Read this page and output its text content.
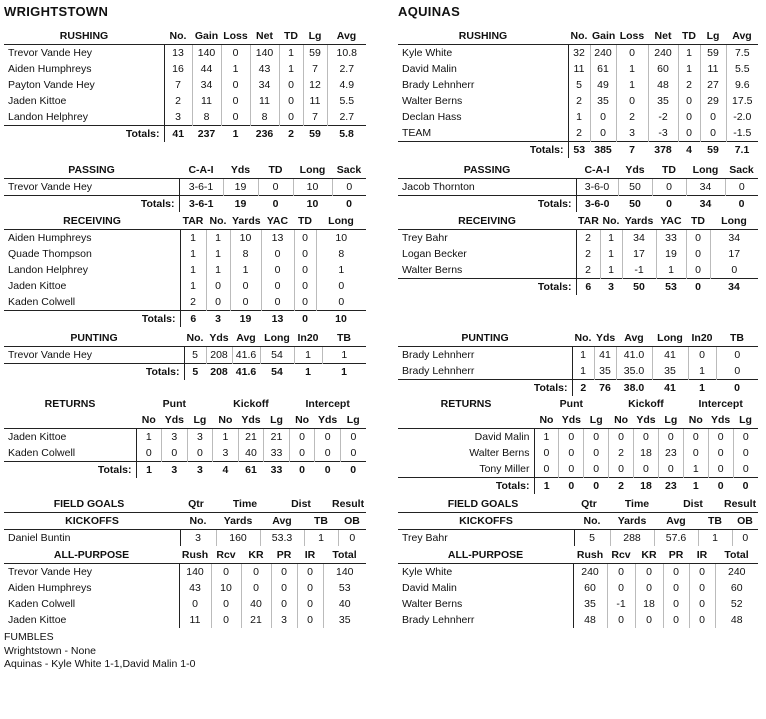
WRIGHTSTOWN	AQUINAS
RUSHING	No.	Gain	Loss	Net	TD	Lg	Avg
Trevor Vande Hey	13	140	0	140	1	59	10.8
Aiden Humphreys	16	44	1	43	1	7	2.7
Payton Vande Hey	7	34	0	34	0	12	4.9
Jaden Kittoe	2	11	0	11	0	11	5.5
Landon Helphrey	3	8	0	8	0	7	2.7
Totals:	41	237	1	236	2	59	5.8
RUSHING	No.	Gain	Loss	Net	TD	Lg	Avg
Kyle White	32	240	0	240	1	59	7.5
David Malin	11	61	1	60	1	11	5.5
Brady Lehnherr	5	49	1	48	2	27	9.6
Walter Berns	2	35	0	35	0	29	17.5
Declan Hass	1	0	2	-2	0	0	-2.0
TEAM	2	0	3	-3	0	0	-1.5
Totals:	53	385	7	378	4	59	7.1
PASSING	C-A-I	Yds	TD	Long	Sack
Trevor Vande Hey	3-6-1	19	0	10	0
Totals:	3-6-1	19	0	10	0
PASSING	C-A-I	Yds	TD	Long	Sack
Jacob Thornton	3-6-0	50	0	34	0
Totals:	3-6-0	50	0	34	0
RECEIVING	TAR	No.	Yards	YAC	TD	Long
Aiden Humphreys	1	1	10	13	0	10
Quade Thompson	1	1	8	0	0	8
Landon Helphrey	1	1	1	0	0	1
Jaden Kittoe	1	0	0	0	0	0
Kaden Colwell	2	0	0	0	0	0
Totals:	6	3	19	13	0	10
RECEIVING	TAR	No.	Yards	YAC	TD	Long
Trey Bahr	2	1	34	33	0	34
Logan Becker	2	1	17	19	0	17
Walter Berns	2	1	-1	1	0	0
Totals:	6	3	50	53	0	34
PUNTING	No.	Yds	Avg	Long	In20	TB
Trevor Vande Hey	5	208	41.6	54	1	1
Totals:	5	208	41.6	54	1	1
PUNTING	No.	Yds	Avg	Long	In20	TB
Brady Lehnherr	1	41	41.0	41	0	0
Brady Lehnherr	1	35	35.0	35	1	0
Totals:	2	76	38.0	41	1	0
RETURNS	Punt			Kickoff			Intercept		
	No	Yds	Lg	No	Yds	Lg	No	Yds	Lg
Jaden Kittoe	1	3	3	1	21	21	0	0	0
Kaden Colwell	0	0	0	3	40	33	0	0	0
Totals:	1	3	3	4	61	33	0	0	0
RETURNS	Punt			Kickoff			Intercept		
	No	Yds	Lg	No	Yds	Lg	No	Yds	Lg
David Malin	1	0	0	0	0	0	0	0	0
Walter Berns	0	0	0	2	18	23	0	0	0
Tony Miller	0	0	0	0	0	0	1	0	0
Totals:	1	0	0	2	18	23	1	0	0
FIELD GOALS	Qtr	Time	Dist	Result	FIELD GOALS	Qtr	Time	Dist	Result
KICKOFFS	No.	Yards	Avg	TB	OB
Daniel Buntin	3	160	53.3	1	0
KICKOFFS	No.	Yards	Avg	TB	OB
Trey Bahr	5	288	57.6	1	0
ALL-PURPOSE	Rush	Rcv	KR	PR	IR	Total
Trevor Vande Hey	140	0	0	0	0	140
Aiden Humphreys	43	10	0	0	0	53
Kaden Colwell	0	0	40	0	0	40
Jaden Kittoe	11	0	21	3	0	35
ALL-PURPOSE	Rush	Rcv	KR	PR	IR	Total
Kyle White	240	0	0	0	0	240
David Malin	60	0	0	0	0	60
Walter Berns	35	-1	18	0	0	52
Brady Lehnherr	48	0	0	0	0	48
FUMBLES
Wrightstown - None
Aquinas - Kyle White 1-1,David Malin 1-0
